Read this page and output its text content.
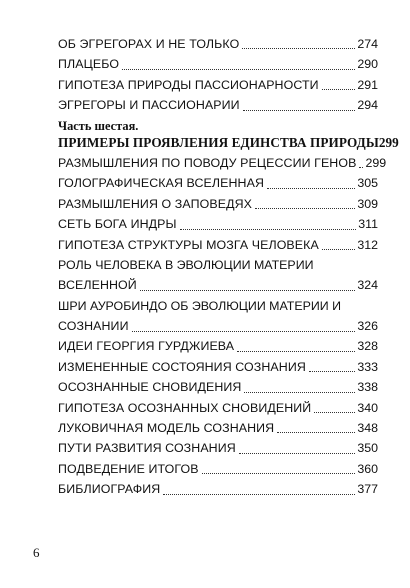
ОБ ЭГРЕГОРАХ И НЕ ТОЛЬКО	274
ПЛАЦЕБО	290
ГИПОТЕЗА ПРИРОДЫ ПАССИОНАРНОСТИ	291
ЭГРЕГОРЫ И ПАССИОНАРИИ	294
Часть шестая.
ПРИМЕРЫ ПРОЯВЛЕНИЯ ЕДИНСТВА ПРИРОДЫ 299
РАЗМЫШЛЕНИЯ ПО ПОВОДУ РЕЦЕССИИ ГЕНОВ 299
ГОЛОГРАФИЧЕСКАЯ ВСЕЛЕННАЯ	305
РАЗМЫШЛЕНИЯ О ЗАПОВЕДЯХ	309
СЕТЬ БОГА ИНДРЫ	311
ГИПОТЕЗА СТРУКТУРЫ МОЗГА ЧЕЛОВЕКА	312
РОЛЬ ЧЕЛОВЕКА В ЭВОЛЮЦИИ МАТЕРИИ
ВСЕЛЕННОЙ	324
ШРИ АУРОБИНДО ОБ ЭВОЛЮЦИИ МАТЕРИИ И
СОЗНАНИИ	326
ИДЕИ ГЕОРГИЯ ГУРДЖИЕВА	328
ИЗМЕНЕННЫЕ СОСТОЯНИЯ СОЗНАНИЯ	333
ОСОЗНАННЫЕ СНОВИДЕНИЯ	338
ГИПОТЕЗА ОСОЗНАННЫХ СНОВИДЕНИЙ	340
ЛУКОВИЧНАЯ МОДЕЛЬ СОЗНАНИЯ	348
ПУТИ РАЗВИТИЯ СОЗНАНИЯ	350
ПОДВЕДЕНИЕ ИТОГОВ	360
БИБЛИОГРАФИЯ	377
6
